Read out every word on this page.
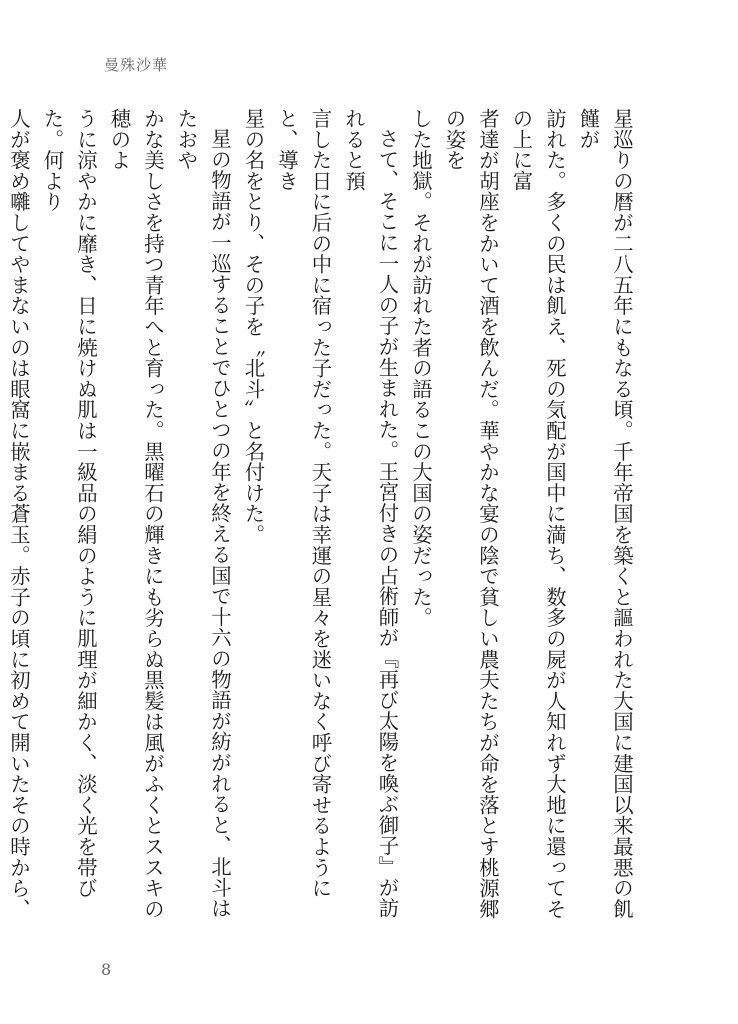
曼殊沙華

星巡りの暦が二八五年にもなる頃。千年帝国を築くと謳われた大国に建国以来最悪の飢饉が
訪れた。多くの民は飢え、死の気配が国中に満ち、数多の屍が人知れず大地に還ってその上に富
者達が胡座をかいて酒を飲んだ。華やかな宴の陰で貧しい農夫たちが命を落とす桃源郷の姿を
した地獄。それが訪れた者の語るこの大国の姿だった。

さて、そこに一人の子が生まれた。王宮付きの占術師が『再び太陽を喚ぶ御子』が訪れると預
言した日に后の中に宿った子だった。天子は幸運の星々を迷いなく呼び寄せるようにと、導き
星の名をとり、その子を〝北斗〟と名付けた。

星の物語が一巡することでひとつの年を終える国で十六の物語が紡がれると、北斗はたおや
かな美しさを持つ青年へと育った。黒曜石の輝きにも劣らぬ黒髪は風がふくとススキの穂のよ
うに涼やかに靡き、日に焼けぬ肌は一級品の絹のように肌理が細かく、淡く光を帯びた。何より
人が褒め囃してやまないのは眼窩に嵌まる蒼玉。赤子の頃に初めて開いたその時から、

8
